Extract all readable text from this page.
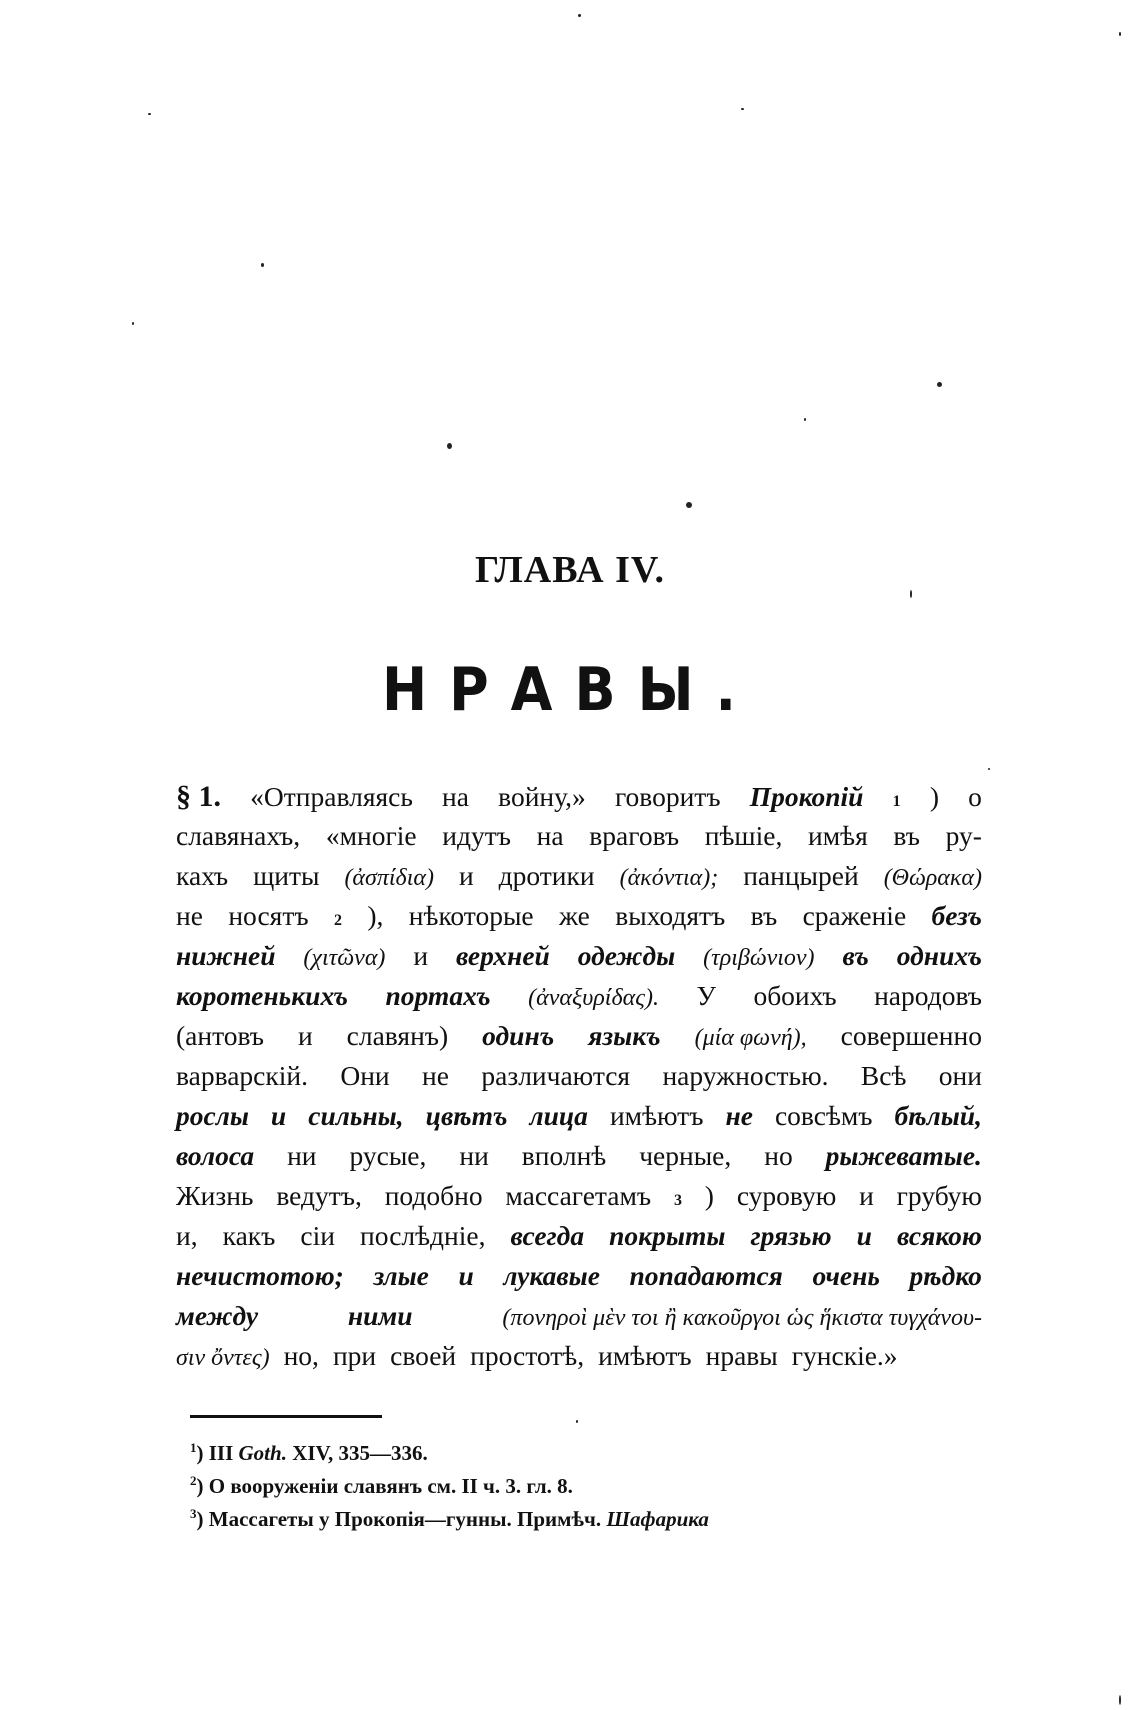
ГЛАВА IV.
НРАВЫ.
§ 1. «Отправляясь на войну,» говоритъ Прокопій 1 ) о
славянахъ, «многіе идутъ на враговъ пѣшіе, имѣя въ ру-
кахъ щиты (ἀσπίδια) и дротики (ἀκόντια); панцырей (Θώρακα)
не носятъ 2 ), нѣкоторые же выходятъ въ сраженіе безъ
нижней (χιτῶνα) и верхней одежды (τριβώνιον) въ однихъ
коротенькихъ портахъ (ἀναξυρίδας). У обоихъ народовъ
(антовъ и славянъ) одинъ языкъ (μία φωνή), совершенно
варварскій. Они не различаются наружностью. Всѣ они
рослы и сильны, цвѣтъ лица имѣютъ не совсѣмъ бѣлый,
волоса ни русые, ни вполнѣ черные, но рыжеватые.
Жизнь ведутъ, подобно массагетамъ 3 ) суровую и грубую
и, какъ сіи послѣдніе, всегда покрыты грязью и всякою
нечистотою; злые и лукавые попадаются очень рѣдко
между	ними	(πονηροὶ μὲν τοι ἢ κακοῦργοι ὡς ἥκιστα τυγχάνου-
σιν ὄντες) но, при своей простотѣ, имѣютъ нравы гунскіе.»
$^1$) III Goth. XIV, 335—336.
$^2$) О вооруженіи славянъ см. II ч. 3. гл. 8.
$^3$) Массагеты у Прокопія—гунны. Примѣч. Шафарика
